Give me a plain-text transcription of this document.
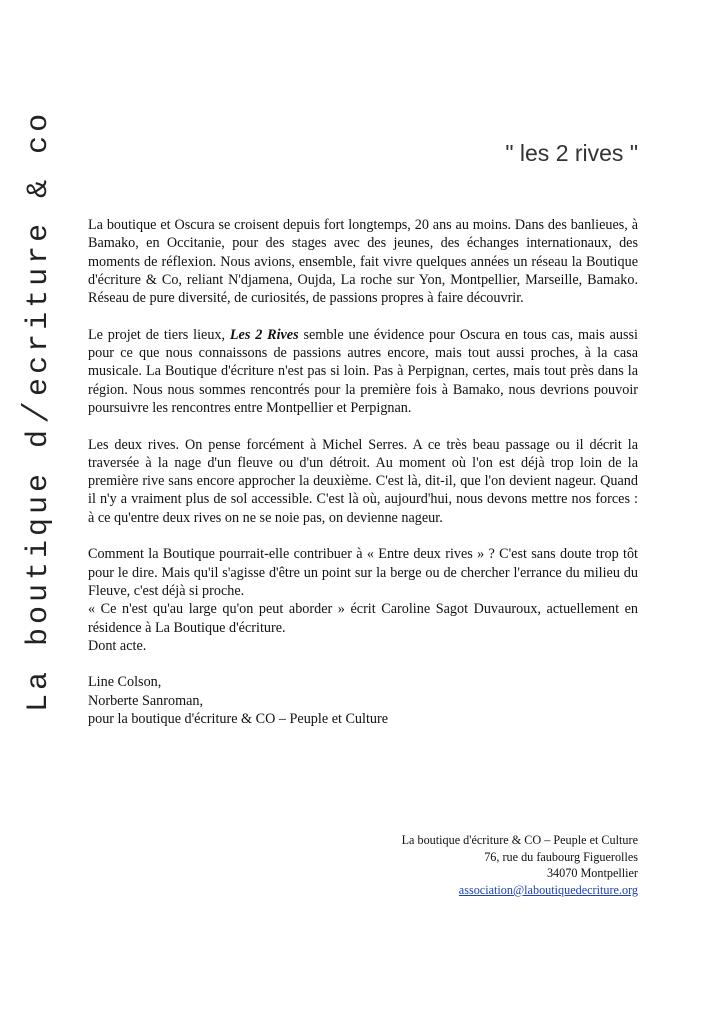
La boutique d/ecriture & co	" les 2 rives "

La boutique et Oscura se croisent depuis fort longtemps, 20 ans au moins. Dans des banlieues, à Bamako, en Occitanie, pour des stages avec des jeunes, des échanges internationaux, des moments de réflexion. Nous avions, ensemble, fait vivre quelques années un réseau la Boutique d'écriture & Co, reliant N'djamena, Oujda, La roche sur Yon, Montpellier, Marseille, Bamako. Réseau de pure diversité, de curiosités, de passions propres à faire découvrir.

Le projet de tiers lieux, Les 2 Rives semble une évidence pour Oscura en tous cas, mais aussi pour ce que nous connaissons de passions autres encore, mais tout aussi proches, à la casa musicale. La Boutique d'écriture n'est pas si loin. Pas à Perpignan, certes, mais tout près dans la région. Nous nous sommes rencontrés pour la première fois à Bamako, nous devrions pouvoir poursuivre les rencontres entre Montpellier et Perpignan.

Les deux rives. On pense forcément à Michel Serres. A ce très beau passage ou il décrit la traversée à la nage d'un fleuve ou d'un détroit. Au moment où l'on est déjà trop loin de la première rive sans encore approcher la deuxième. C'est là, dit-il, que l'on devient nageur. Quand il n'y a vraiment plus de sol accessible. C'est là où, aujourd'hui, nous devons mettre nos forces : à ce qu'entre deux rives on ne se noie pas, on devienne nageur.

Comment la Boutique pourrait-elle contribuer à « Entre deux rives » ? C'est sans doute trop tôt pour le dire. Mais qu'il s'agisse d'être un point sur la berge ou de chercher l'errance du milieu du Fleuve, c'est déjà si proche.
« Ce n'est qu'au large qu'on peut aborder » écrit Caroline Sagot Duvauroux, actuellement en résidence à La Boutique d'écriture.
Dont acte.

Line Colson,
Norberte Sanroman,
pour la boutique d'écriture & CO – Peuple et Culture

La boutique d'écriture & CO – Peuple et Culture
76, rue du faubourg Figuerolles
34070 Montpellier
association@laboutiquedecriture.org
